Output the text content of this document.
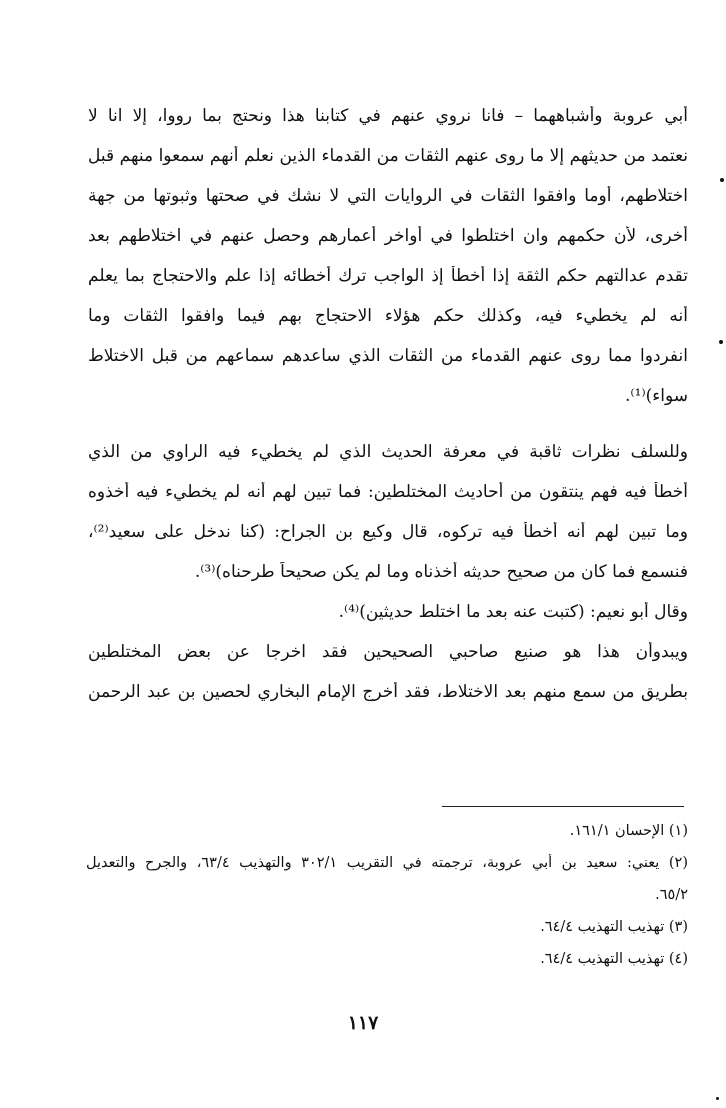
أبي عروبة وأشباههما – فانا نروي عنهم في كتابنا هذا ونحتج بما رووا، إلا انا لا
نعتمد من حديثهم إلا ما روى عنهم الثقات من القدماء الذين نعلم أنهم سمعوا منهم قبل
اختلاطهم، أوما وافقوا الثقات في الروايات التي لا نشك في صحتها وثبوتها من جهة
أخرى، لأن حكمهم وان اختلطوا في أواخر أعمارهم وحصل عنهم في اختلاطهم بعد
تقدم عدالتهم حكم الثقة إذا أخطأ إذ الواجب ترك أخطائه إذا علم والاحتجاج بما يعلم
أنه لم يخطيء فيه، وكذلك حكم هؤلاء الاحتجاج بهم فيما وافقوا الثقات وما
انفردوا مما روى عنهم القدماء من الثقات الذي ساعدهم سماعهم من قبل الاختلاط
سواء)⁽¹⁾.
وللسلف نظرات ثاقبة في معرفة الحديث الذي لم يخطيء فيه الراوي من الذي
أخطأ فيه فهم ينتقون من أحاديث المختلطين: فما تبين لهم أنه لم يخطيء فيه أخذوه
وما تبين لهم أنه أخطأ فيه تركوه، قال وكيع بن الجراح: (كنا ندخل على سعيد⁽²⁾،
فنسمع فما كان من صحيح حديثه أخذناه وما لم يكن صحيحاً طرحناه)⁽³⁾.
وقال أبو نعيم: (كتبت عنه بعد ما اختلط حديثين)⁽⁴⁾.
ويبدوأن هذا هو صنيع صاحبي الصحيحين فقد اخرجا عن بعض المختلطين
بطريق من سمع منهم بعد الاختلاط، فقد أخرج الإمام البخاري لحصين بن عبد الرحمن
(١) الإحسان ١٦١/١.
(٢) يعني: سعيد بن أبي عروبة، ترجمته في التقريب ٣٠٢/١ والتهذيب ٦٣/٤، والجرح والتعديل
٦٥/٢.
(٣) تهذيب التهذيب ٦٤/٤.
(٤) تهذيب التهذيب ٦٤/٤.
١١٧
